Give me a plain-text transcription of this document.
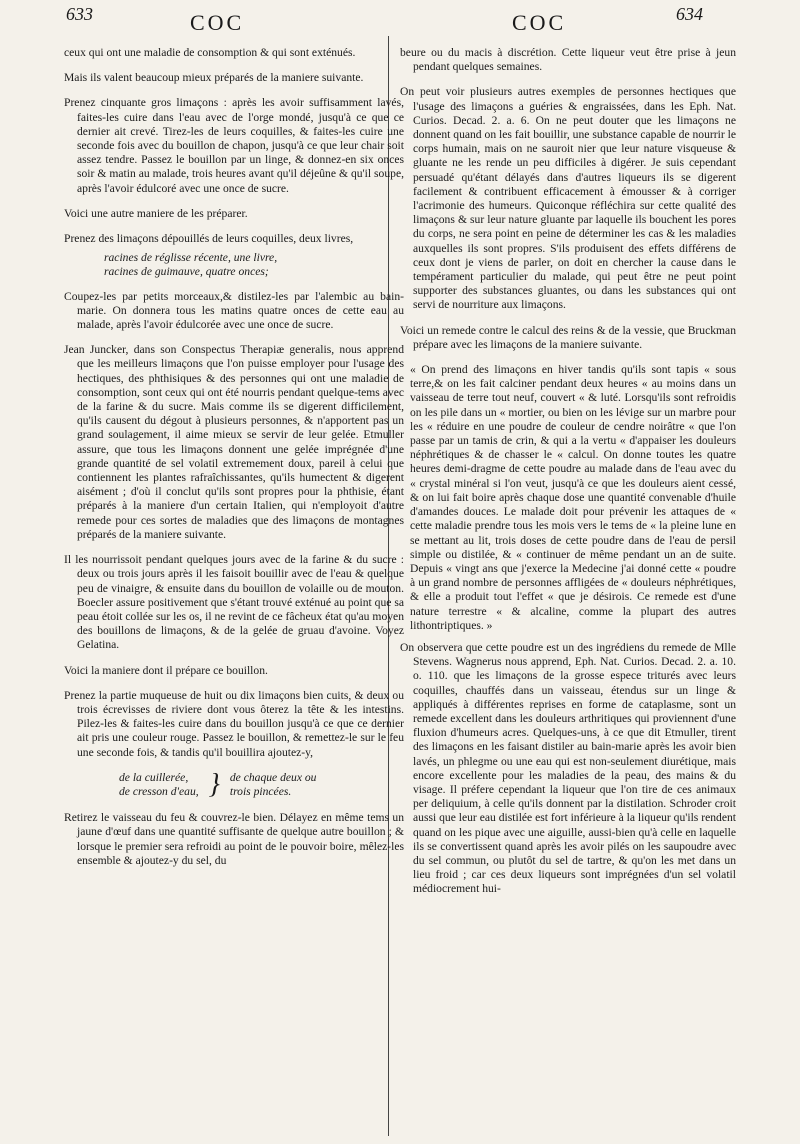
633	COC	COC	634

ceux qui ont une maladie de consomption & qui sont exténués.

Mais ils valent beaucoup mieux préparés de la maniere suivante.

Prenez cinquante gros limaçons : après les avoir suffisamment lavés, faites-les cuire dans l'eau avec de l'orge mondé, jusqu'à ce que ce dernier ait crevé. Tirez-les de leurs coquilles, & faites-les cuire une seconde fois avec du bouillon de chapon, jusqu'à ce que leur chair soit assez tendre. Passez le bouillon par un linge, & donnez-en six onces soir & matin au malade, trois heures avant qu'il déjeûne & qu'il soupe, après l'avoir édulcoré avec une once de sucre.

Voici une autre maniere de les préparer.

Prenez des limaçons dépouillés de leurs coquilles, deux livres,

racines de réglisse récente, une livre,
racines de guimauve, quatre onces;

Coupez-les par petits morceaux,& distilez-les par l'alembic au bain-marie. On donnera tous les matins quatre onces de cette eau au malade, après l'avoir édulcorée avec une once de sucre.

Jean Juncker, dans son Conspectus Therapiæ generalis, nous apprend que les meilleurs limaçons que l'on puisse employer pour l'usage des hectiques, des phthisiques & des personnes qui ont une maladie de consomption, sont ceux qui ont été nourris pendant quelque-tems avec de la farine & du sucre. Mais comme ils se digerent difficilement, qu'ils causent du dégout à plusieurs personnes, & n'apportent pas un grand soulagement, il aime mieux se servir de leur gelée. Etmuller assure, que tous les limaçons donnent une gelée imprégnée d'une grande quantité de sel volatil extremement doux, pareil à celui que contiennent les plantes rafraîchissantes, qu'ils humectent & digerent aisément ; d'où il conclut qu'ils sont propres pour la phthisie, étant préparés à la maniere d'un certain Italien, qui n'employoit d'autre remede pour ces sortes de maladies que des limaçons de montagnes préparés de la maniere suivante.

Il les nourrissoit pendant quelques jours avec de la farine & du sucre : deux ou trois jours après il les faisoit bouillir avec de l'eau & quelque peu de vinaigre, & ensuite dans du bouillon de volaille ou de mouton. Boecler assure positivement que s'étant trouvé exténué au point que sa peau étoit collée sur les os, il ne revint de ce fâcheux état qu'au moyen des bouillons de limaçons, & de la gelée de gruau d'avoine. Voyez Gelatina.

Voici la maniere dont il prépare ce bouillon.

Prenez la partie muqueuse de huit ou dix limaçons bien cuits, & deux ou trois écrevisses de riviere dont vous ôterez la tête & les intestins. Pilez-les & faites-les cuire dans du bouillon jusqu'à ce que ce dernier ait pris une couleur rouge. Passez le bouillon, & remettez-le sur le feu une seconde fois, & tandis qu'il bouillira ajoutez-y,

de la cuillerée,
de cresson d'eau, } de chaque deux ou
trois pincées.

Retirez le vaisseau du feu & couvrez-le bien. Délayez en même tems un jaune d'œuf dans une quantité suffisante de quelque autre bouillon ; & lorsque le premier sera refroidi au point de le pouvoir boire, mêlez-les ensemble & ajoutez-y du sel, du

beure ou du macis à discrétion. Cette liqueur veut être prise à jeun pendant quelques semaines.

On peut voir plusieurs autres exemples de personnes hectiques que l'usage des limaçons a guéries & engraissées, dans les Eph. Nat. Curios. Decad. 2. a. 6. On ne peut douter que les limaçons ne donnent quand on les fait bouillir, une substance capable de nourrir le corps humain, mais on ne sauroit nier que leur nature visqueuse & gluante ne les rende un peu difficiles à digérer. Je suis cependant persuadé qu'étant délayés dans d'autres liqueurs ils se digerent facilement & contribuent efficacement à émousser & à corriger l'acrimonie des humeurs. Quiconque réfléchira sur cette qualité des limaçons & sur leur nature gluante par laquelle ils bouchent les pores du corps, ne sera point en peine de déterminer les cas & les maladies auxquelles ils sont propres. S'ils produisent des effets différens de ceux dont je viens de parler, on doit en chercher la cause dans le tempérament particulier du malade, qui peut être ne peut point supporter des substances gluantes, ou dans les substances qui ont servi de nourriture aux limaçons.

Voici un remede contre le calcul des reins & de la vessie, que Bruckman prépare avec les limaçons de la maniere suivante.

« On prend des limaçons en hiver tandis qu'ils sont tapis « sous terre,& on les fait calciner pendant deux heures « au moins dans un vaisseau de terre tout neuf, couvert « & luté. Lorsqu'ils sont refroidis on les pile dans un « mortier, ou bien on les lévige sur un marbre pour les « réduire en une poudre de couleur de cendre noirâtre « que l'on passe par un tamis de crin, & qui a la vertu « d'appaiser les douleurs néphrétiques & de chasser le « calcul. On donne toutes les quatre heures demi-dragme de cette poudre au malade dans de l'eau avec du « crystal minéral si l'on veut, jusqu'à ce que les douleurs aient cessé, & on lui fait boire après chaque dose une quantité convenable d'huile d'amandes douces. Le malade doit pour prévenir les attaques de « cette maladie prendre tous les mois vers le tems de « la pleine lune en se mettant au lit, trois doses de cette poudre dans de l'eau de persil simple ou distilée, & « continuer de même pendant un an de suite. Depuis « vingt ans que j'exerce la Medecine j'ai donné cette « poudre à un grand nombre de personnes affligées de « douleurs néphrétiques, & elle a produit tout l'effet « que je désirois. Ce remede est d'une nature terrestre « & alcaline, comme la plupart des autres lithontriptiques. »

On observera que cette poudre est un des ingrédiens du remede de Mlle Stevens. Wagnerus nous apprend, Eph. Nat. Curios. Decad. 2. a. 10. o. 110. que les limaçons de la grosse espece triturés avec leurs coquilles, chauffés dans un vaisseau, étendus sur un linge & appliqués à différentes reprises en forme de cataplasme, sont un remede excellent dans les douleurs arthritiques qui proviennent d'une fluxion d'humeurs acres. Quelques-uns, à ce que dit Etmuller, tirent des limaçons en les faisant distiler au bain-marie après les avoir bien lavés, un phlegme ou une eau qui est non-seulement diurétique, mais encore excellente pour les maladies de la peau, des mains & du visage. Il préfere cependant la liqueur que l'on tire de ces animaux per deliquium, à celle qu'ils donnent par la distilation. Schroder croit aussi que leur eau distilée est fort inférieure à la liqueur qu'ils rendent quand on les pique avec une aiguille, aussi-bien qu'à celle en laquelle ils se convertissent quand après les avoir pilés on les saupoudre avec du sel commun, ou plutôt du sel de tartre, & qu'on les met dans un lieu froid ; car ces deux liqueurs sont imprégnées d'un sel volatil médiocrement hui-
